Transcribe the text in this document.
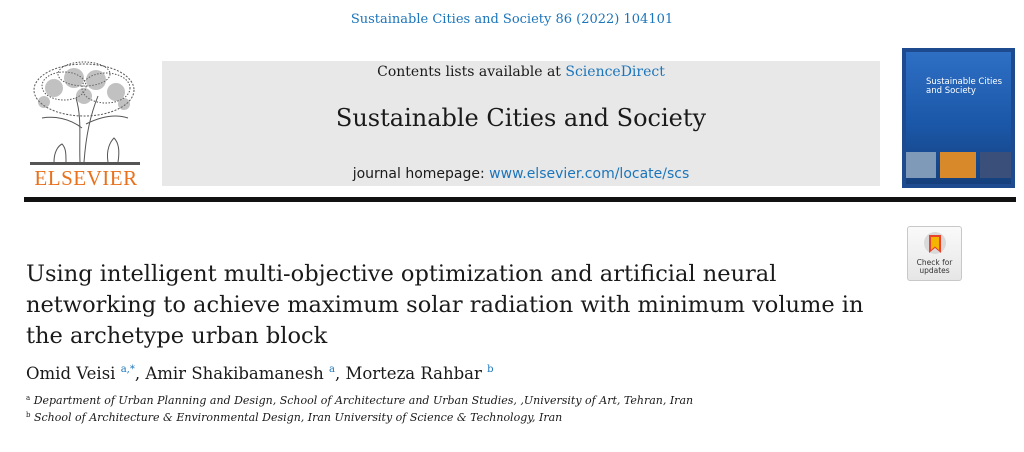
Sustainable Cities and Society 86 (2022) 104101
ELSEVIER
Contents lists available at ScienceDirect
Sustainable Cities and Society
journal homepage: www.elsevier.com/locate/scs
Sustainable Cities and Society
Check for updates
Using intelligent multi-objective optimization and artificial neural networking to achieve maximum solar radiation with minimum volume in the archetype urban block
Omid Veisi $^{a,*}$, Amir Shakibamanesh $^a$, Morteza Rahbar $^b$
$^a$ Department of Urban Planning and Design, School of Architecture and Urban Studies, ,University of Art, Tehran, Iran
$^b$ School of Architecture & Environmental Design, Iran University of Science & Technology, Iran
